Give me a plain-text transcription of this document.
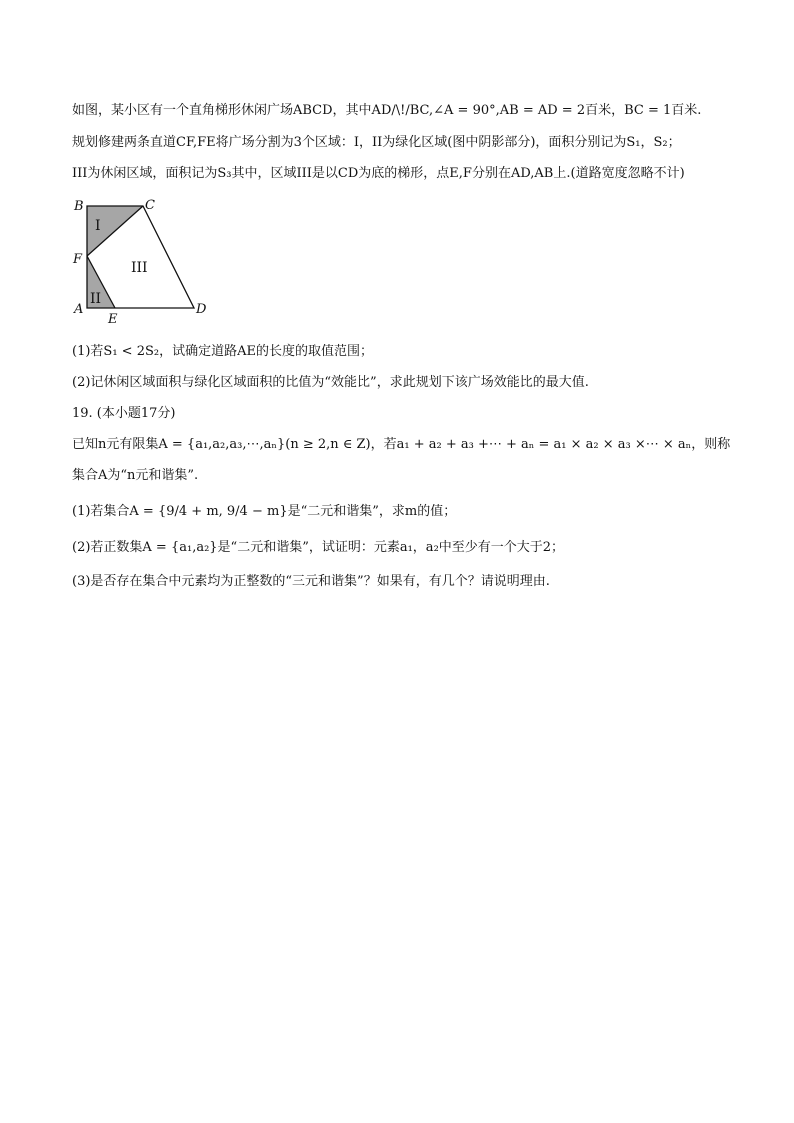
如图，某小区有一个直角梯形休闲广场ABCD，其中AD/\!/BC,∠A = 90°,AB = AD = 2百米，BC = 1百米.
规划修建两条直道CF,FE将广场分割为3个区域：I，II为绿化区域(图中阴影部分)，面积分别记为S₁，S₂；
III为休闲区域，面积记为S₃其中，区域III是以CD为底的梯形，点E,F分别在AD,AB上.(道路宽度忽略不计)
B	C
F
A
E
D
I
II
III
(1)若S₁ < 2S₂，试确定道路AE的长度的取值范围；
(2)记休闲区域面积与绿化区域面积的比值为“效能比”，求此规划下该广场效能比的最大值.
19. (本小题17分)
已知n元有限集A = {a₁,a₂,a₃,⋯,aₙ}(n ≥ 2,n ∈ Z)，若a₁ + a₂ + a₃ +⋯ + aₙ = a₁ × a₂ × a₃ ×⋯ × aₙ，则称
集合A为“n元和谐集”.
(1)若集合A = {9/4 + m, 9/4 − m}是“二元和谐集”，求m的值；
(2)若正数集A = {a₁,a₂}是“二元和谐集”，试证明：元素a₁，a₂中至少有一个大于2；
(3)是否存在集合中元素均为正整数的“三元和谐集”？如果有，有几个？请说明理由.
